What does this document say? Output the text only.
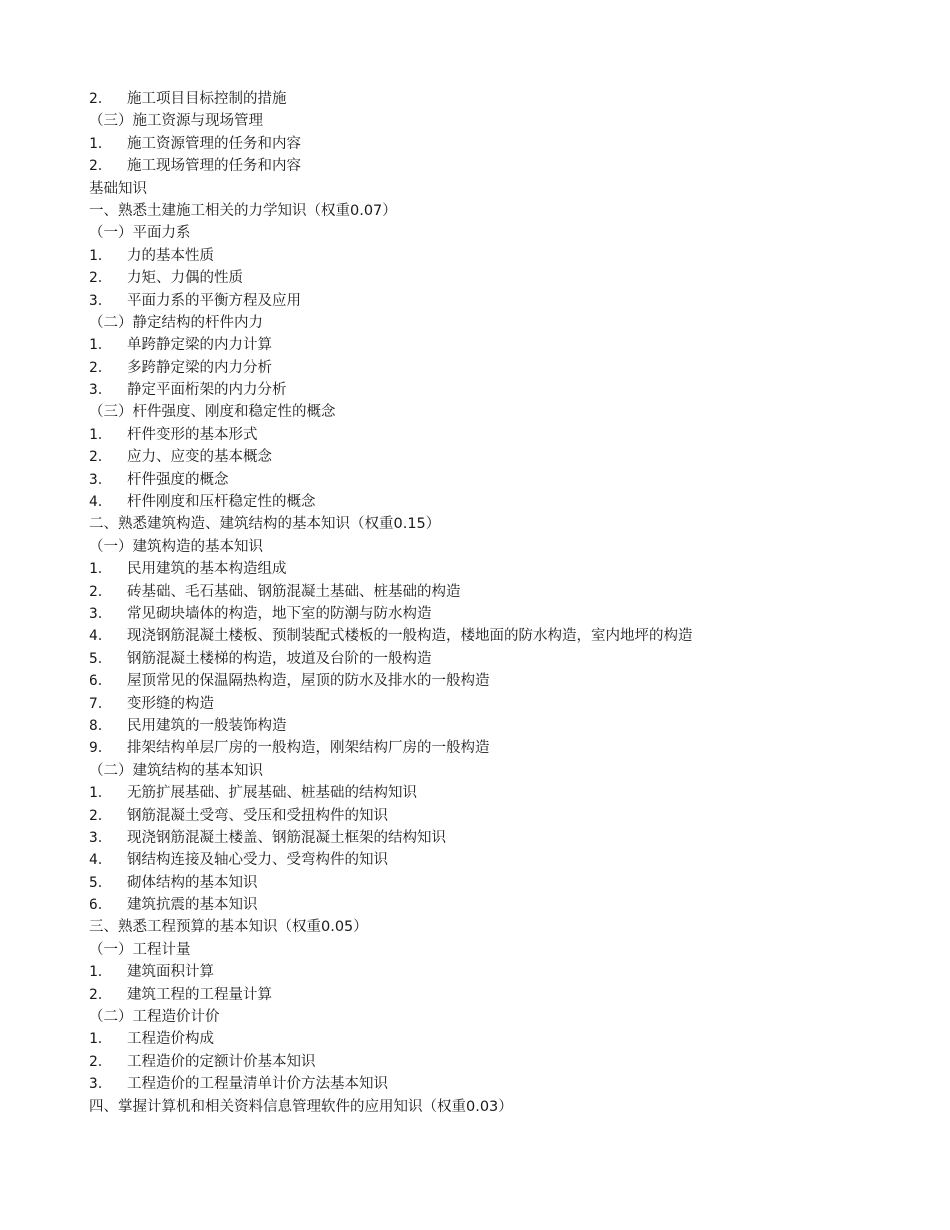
2． 施工项目目标控制的措施
（三）施工资源与现场管理
1． 施工资源管理的任务和内容
2． 施工现场管理的任务和内容
基础知识
一、熟悉土建施工相关的力学知识（权重0.07）
（一）平面力系
1． 力的基本性质
2． 力矩、力偶的性质
3． 平面力系的平衡方程及应用
（二）静定结构的杆件内力
1． 单跨静定梁的内力计算
2． 多跨静定梁的内力分析
3． 静定平面桁架的内力分析
（三）杆件强度、刚度和稳定性的概念
1． 杆件变形的基本形式
2． 应力、应变的基本概念
3． 杆件强度的概念
4． 杆件刚度和压杆稳定性的概念
二、熟悉建筑构造、建筑结构的基本知识（权重0.15）
（一）建筑构造的基本知识
1． 民用建筑的基本构造组成
2． 砖基础、毛石基础、钢筋混凝土基础、桩基础的构造
3． 常见砌块墙体的构造，地下室的防潮与防水构造
4． 现浇钢筋混凝土楼板、预制装配式楼板的一般构造，楼地面的防水构造，室内地坪的构造
5． 钢筋混凝土楼梯的构造，坡道及台阶的一般构造
6． 屋顶常见的保温隔热构造，屋顶的防水及排水的一般构造
7． 变形缝的构造
8． 民用建筑的一般装饰构造
9． 排架结构单层厂房的一般构造，刚架结构厂房的一般构造
（二）建筑结构的基本知识
1． 无筋扩展基础、扩展基础、桩基础的结构知识
2． 钢筋混凝土受弯、受压和受扭构件的知识
3． 现浇钢筋混凝土楼盖、钢筋混凝土框架的结构知识
4． 钢结构连接及轴心受力、受弯构件的知识
5． 砌体结构的基本知识
6． 建筑抗震的基本知识
三、熟悉工程预算的基本知识（权重0.05）
（一）工程计量
1． 建筑面积计算
2． 建筑工程的工程量计算
（二）工程造价计价
1． 工程造价构成
2． 工程造价的定额计价基本知识
3． 工程造价的工程量清单计价方法基本知识
四、掌握计算机和相关资料信息管理软件的应用知识（权重0.03）
